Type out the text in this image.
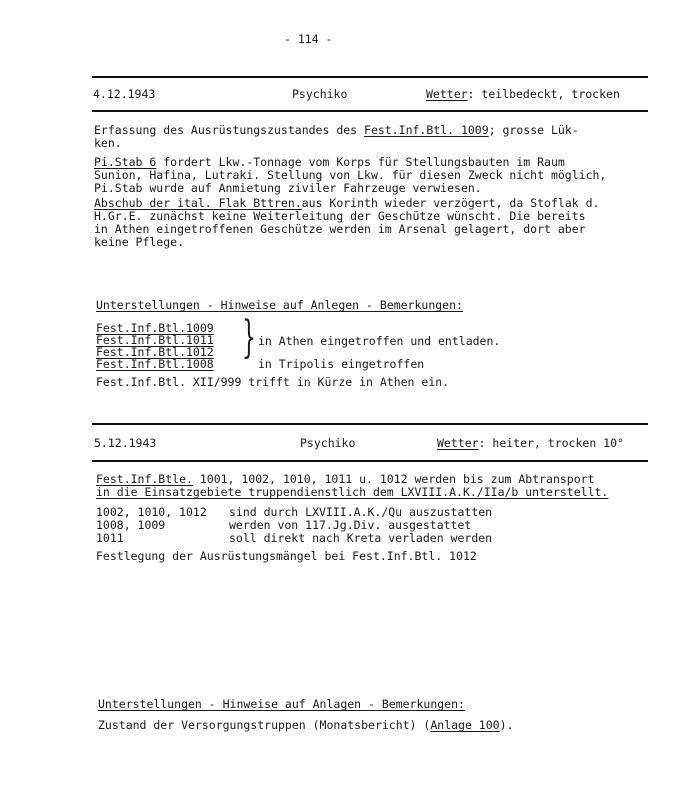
- 114 -
4.12.1943	Psychiko	Wetter: teilbedeckt, trocken
Erfassung des Ausrüstungszustandes des Fest.Inf.Btl. 1009; grosse Lük-
ken.
Pi.Stab 6 fordert Lkw.-Tonnage vom Korps für Stellungsbauten im Raum
Sunion, Hafina, Lutraki. Stellung von Lkw. für diesen Zweck nicht möglich,
Pi.Stab wurde auf Anmietung ziviler Fahrzeuge verwiesen.
Abschub der ital. Flak Bttren.aus Korinth wieder verzögert, da Stoflak d.
H.Gr.E. zunächst keine Weiterleitung der Geschütze wünscht. Die bereits
in Athen eingetroffenen Geschütze werden im Arsenal gelagert, dort aber
keine Pflege.
Unterstellungen - Hinweise auf Anlegen - Bemerkungen:
Fest.Inf.Btl.1009
Fest.Inf.Btl.1011
Fest.Inf.Btl.1012
Fest.Inf.Btl.1008
} in Athen eingetroffen und entladen.
in Tripolis eingetroffen
Fest.Inf.Btl. XII/999 trifft in Kürze in Athen ein.
5.12.1943	Psychiko	Wetter: heiter, trocken 10°
Fest.Inf.Btle. 1001, 1002, 1010, 1011 u. 1012 werden bis zum Abtransport
in die Einsatzgebiete truppendienstlich dem LXVIII.A.K./IIa/b unterstellt.
1002, 1010, 1012 sind durch LXVIII.A.K./Qu auszustatten
1008, 1009	werden von 117.Jg.Div. ausgestattet
1011	soll direkt nach Kreta verladen werden
Festlegung der Ausrüstungsmängel bei Fest.Inf.Btl. 1012
Unterstellungen - Hinweise auf Anlagen - Bemerkungen:
Zustand der Versorgungstruppen (Monatsbericht) (Anlage 100).
